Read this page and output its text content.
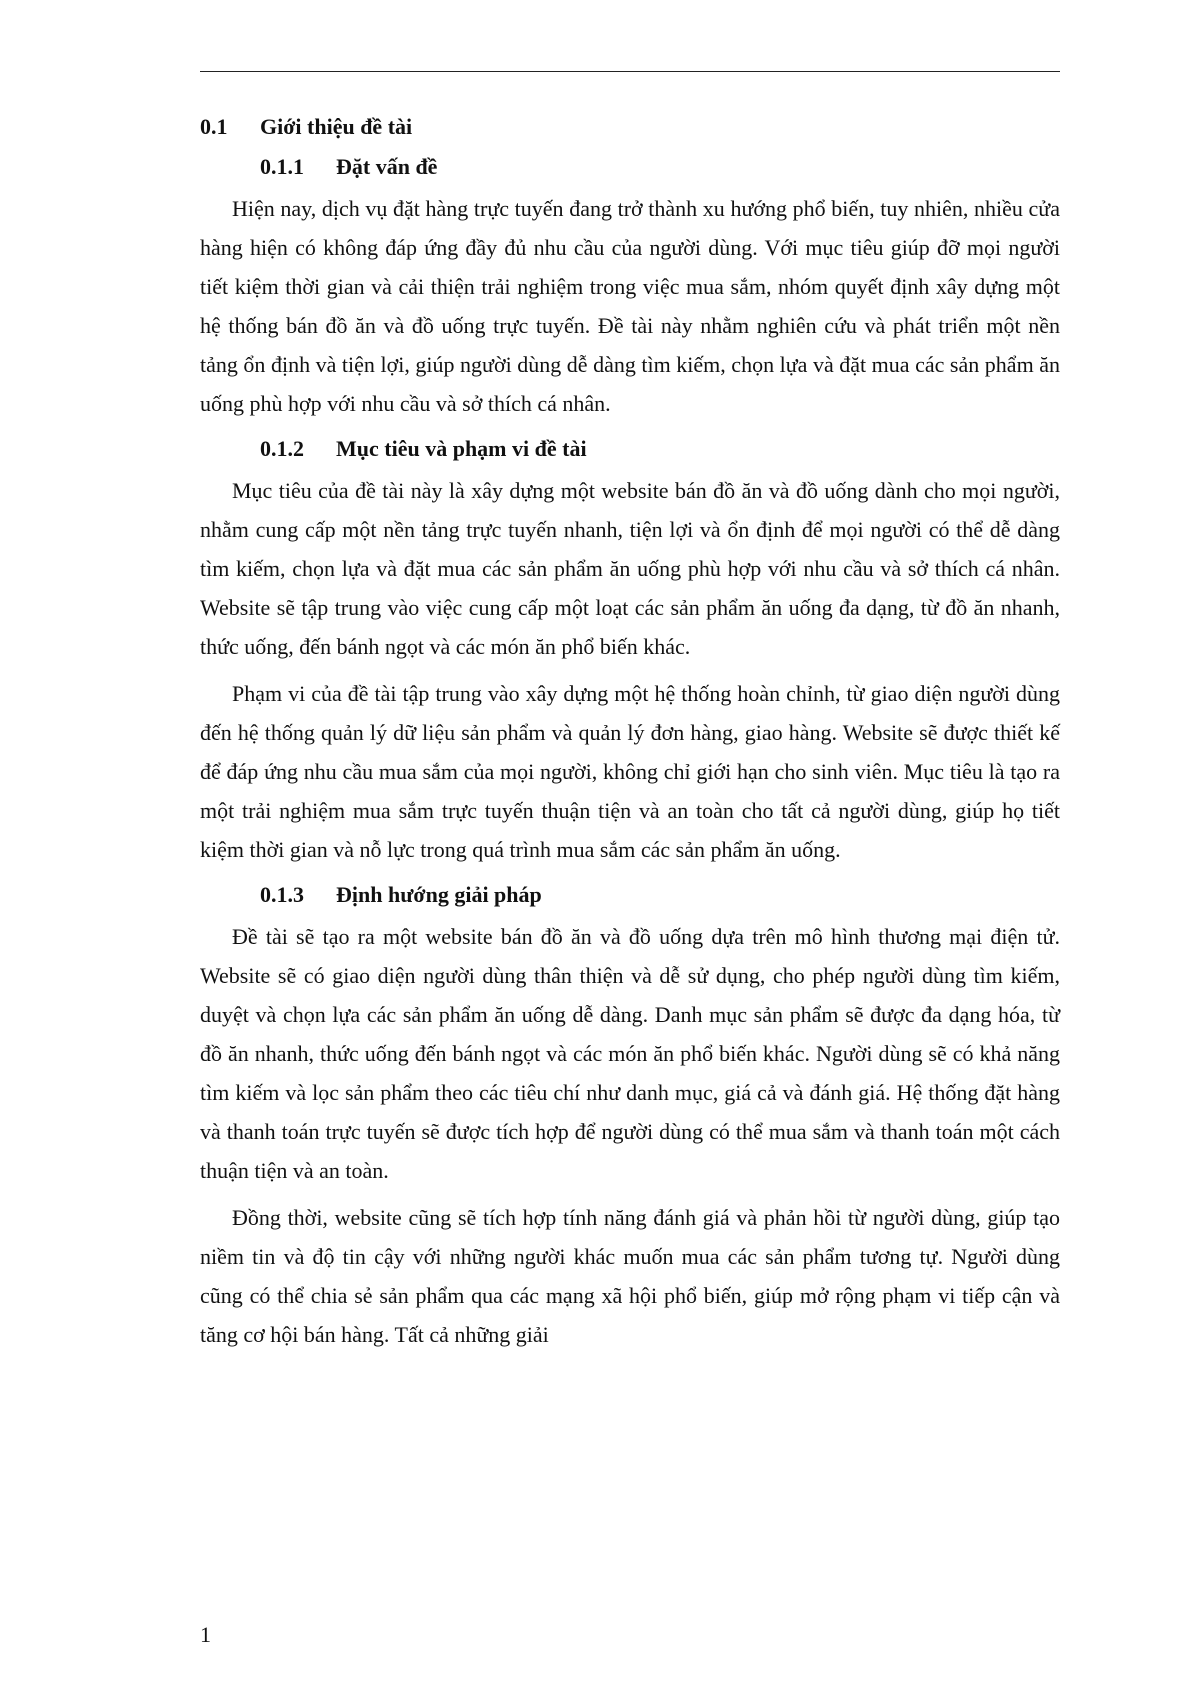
0.1 Giới thiệu đề tài
0.1.1 Đặt vấn đề

Hiện nay, dịch vụ đặt hàng trực tuyến đang trở thành xu hướng phổ biến, tuy nhiên, nhiều cửa hàng hiện có không đáp ứng đầy đủ nhu cầu của người dùng. Với mục tiêu giúp đỡ mọi người tiết kiệm thời gian và cải thiện trải nghiệm trong việc mua sắm, nhóm quyết định xây dựng một hệ thống bán đồ ăn và đồ uống trực tuyến. Đề tài này nhằm nghiên cứu và phát triển một nền tảng ổn định và tiện lợi, giúp người dùng dễ dàng tìm kiếm, chọn lựa và đặt mua các sản phẩm ăn uống phù hợp với nhu cầu và sở thích cá nhân.

0.1.2 Mục tiêu và phạm vi đề tài

Mục tiêu của đề tài này là xây dựng một website bán đồ ăn và đồ uống dành cho mọi người, nhằm cung cấp một nền tảng trực tuyến nhanh, tiện lợi và ổn định để mọi người có thể dễ dàng tìm kiếm, chọn lựa và đặt mua các sản phẩm ăn uống phù hợp với nhu cầu và sở thích cá nhân. Website sẽ tập trung vào việc cung cấp một loạt các sản phẩm ăn uống đa dạng, từ đồ ăn nhanh, thức uống, đến bánh ngọt và các món ăn phổ biến khác.

Phạm vi của đề tài tập trung vào xây dựng một hệ thống hoàn chỉnh, từ giao diện người dùng đến hệ thống quản lý dữ liệu sản phẩm và quản lý đơn hàng, giao hàng. Website sẽ được thiết kế để đáp ứng nhu cầu mua sắm của mọi người, không chỉ giới hạn cho sinh viên. Mục tiêu là tạo ra một trải nghiệm mua sắm trực tuyến thuận tiện và an toàn cho tất cả người dùng, giúp họ tiết kiệm thời gian và nỗ lực trong quá trình mua sắm các sản phẩm ăn uống.

0.1.3 Định hướng giải pháp

Đề tài sẽ tạo ra một website bán đồ ăn và đồ uống dựa trên mô hình thương mại điện tử. Website sẽ có giao diện người dùng thân thiện và dễ sử dụng, cho phép người dùng tìm kiếm, duyệt và chọn lựa các sản phẩm ăn uống dễ dàng. Danh mục sản phẩm sẽ được đa dạng hóa, từ đồ ăn nhanh, thức uống đến bánh ngọt và các món ăn phổ biến khác. Người dùng sẽ có khả năng tìm kiếm và lọc sản phẩm theo các tiêu chí như danh mục, giá cả và đánh giá. Hệ thống đặt hàng và thanh toán trực tuyến sẽ được tích hợp để người dùng có thể mua sắm và thanh toán một cách thuận tiện và an toàn.

Đồng thời, website cũng sẽ tích hợp tính năng đánh giá và phản hồi từ người dùng, giúp tạo niềm tin và độ tin cậy với những người khác muốn mua các sản phẩm tương tự. Người dùng cũng có thể chia sẻ sản phẩm qua các mạng xã hội phổ biến, giúp mở rộng phạm vi tiếp cận và tăng cơ hội bán hàng. Tất cả những giải

1
